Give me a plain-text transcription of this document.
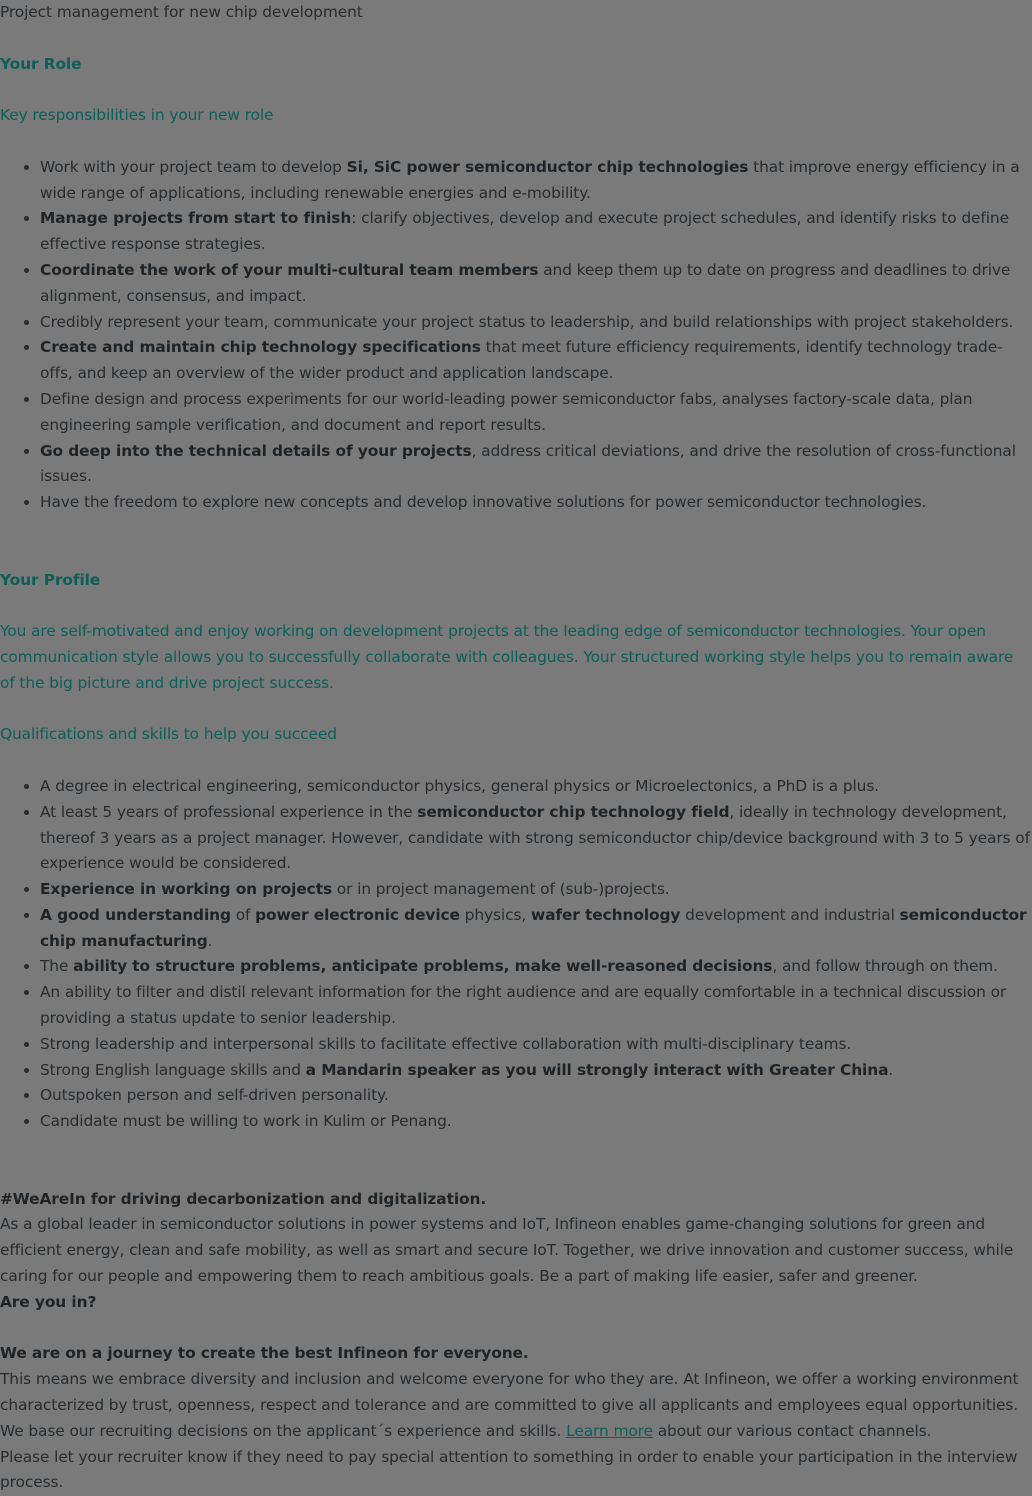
Project management for new chip development

Your Role

Key responsibilities in your new role

• Work with your project team to develop Si, SiC power semiconductor chip technologies that improve energy efficiency in a wide range of applications, including renewable energies and e-mobility.
• Manage projects from start to finish: clarify objectives, develop and execute project schedules, and identify risks to define effective response strategies.
• Coordinate the work of your multi-cultural team members and keep them up to date on progress and deadlines to drive alignment, consensus, and impact.
• Credibly represent your team, communicate your project status to leadership, and build relationships with project stakeholders.
• Create and maintain chip technology specifications that meet future efficiency requirements, identify technology trade-offs, and keep an overview of the wider product and application landscape.
• Define design and process experiments for our world-leading power semiconductor fabs, analyses factory-scale data, plan engineering sample verification, and document and report results.
• Go deep into the technical details of your projects, address critical deviations, and drive the resolution of cross-functional issues.
• Have the freedom to explore new concepts and develop innovative solutions for power semiconductor technologies.

Your Profile

You are self-motivated and enjoy working on development projects at the leading edge of semiconductor technologies. Your open communication style allows you to successfully collaborate with colleagues. Your structured working style helps you to remain aware of the big picture and drive project success.

Qualifications and skills to help you succeed

• A degree in electrical engineering, semiconductor physics, general physics or Microelectonics, a PhD is a plus.
• At least 5 years of professional experience in the semiconductor chip technology field, ideally in technology development, thereof 3 years as a project manager. However, candidate with strong semiconductor chip/device background with 3 to 5 years of experience would be considered.
• Experience in working on projects or in project management of (sub-)projects.
• A good understanding of power electronic device physics, wafer technology development and industrial semiconductor chip manufacturing.
• The ability to structure problems, anticipate problems, make well-reasoned decisions, and follow through on them.
• An ability to filter and distil relevant information for the right audience and are equally comfortable in a technical discussion or providing a status update to senior leadership.
• Strong leadership and interpersonal skills to facilitate effective collaboration with multi-disciplinary teams.
• Strong English language skills and a Mandarin speaker as you will strongly interact with Greater China.
• Outspoken person and self-driven personality.
• Candidate must be willing to work in Kulim or Penang.

#WeAreIn for driving decarbonization and digitalization.

As a global leader in semiconductor solutions in power systems and IoT, Infineon enables game-changing solutions for green and efficient energy, clean and safe mobility, as well as smart and secure IoT. Together, we drive innovation and customer success, while caring for our people and empowering them to reach ambitious goals. Be a part of making life easier, safer and greener.

Are you in?

We are on a journey to create the best Infineon for everyone.

This means we embrace diversity and inclusion and welcome everyone for who they are. At Infineon, we offer a working environment characterized by trust, openness, respect and tolerance and are committed to give all applicants and employees equal opportunities. We base our recruiting decisions on the applicant´s experience and skills. Learn more about our various contact channels.

Please let your recruiter know if they need to pay special attention to something in order to enable your participation in the interview process.
